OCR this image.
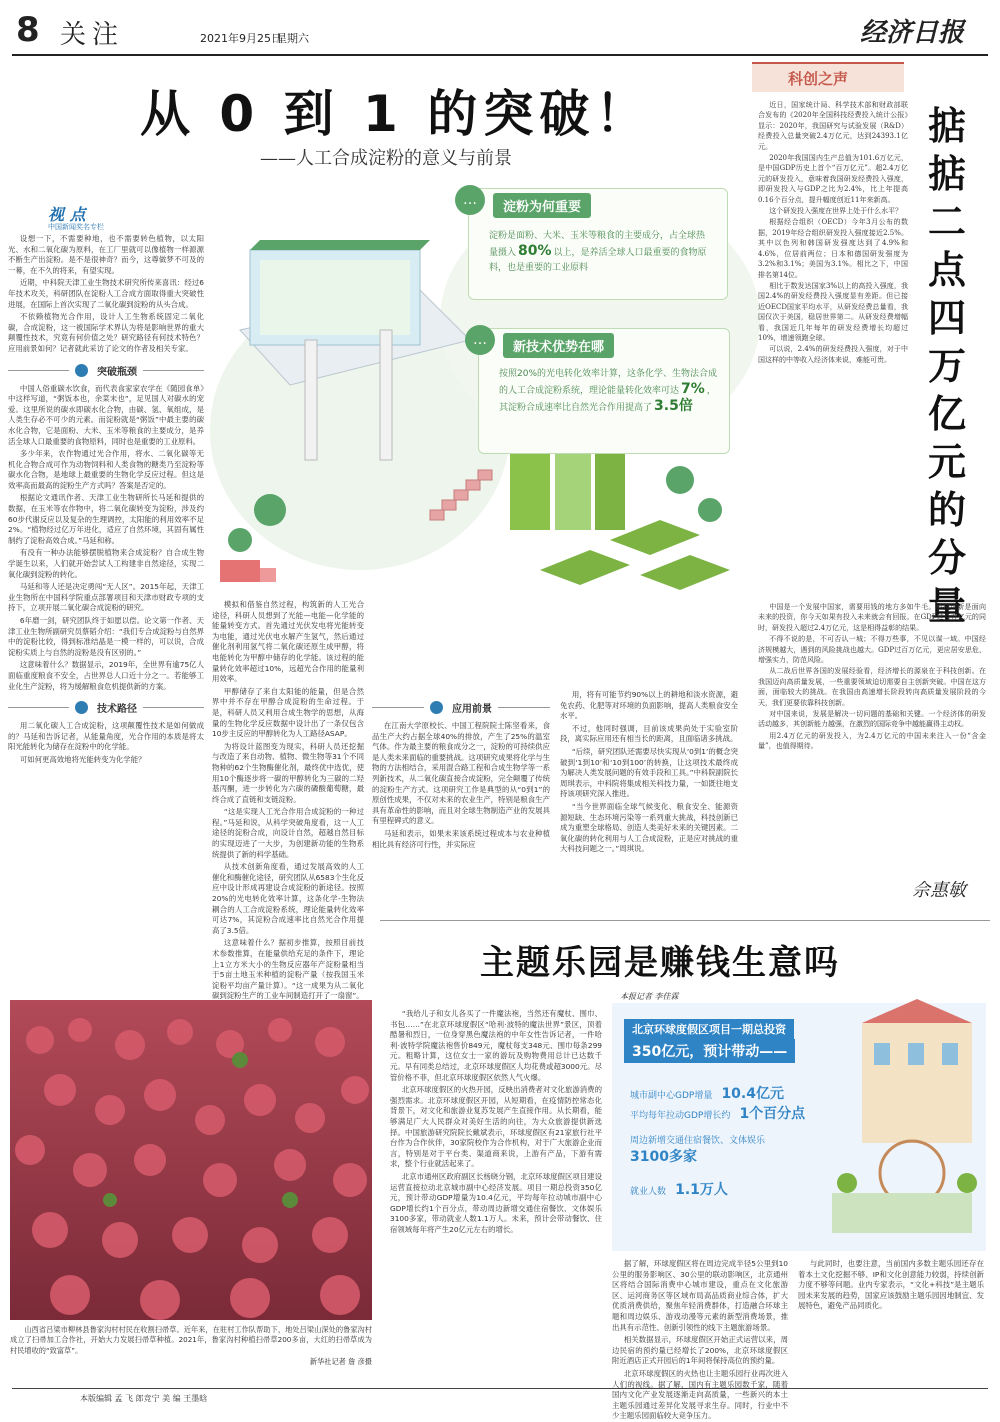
8 关注	2021年9月25日
星期六	经济日报
从 0 到 1 的突破！
——人工合成淀粉的意义与前景
…	淀粉为何重要
淀粉是面粉、大米、玉米等粮食的主要成分，占全球热量摄入 80% 以上，是养活全球人口最重要的食物原料，也是重要的工业原料
…	新技术优势在哪
按照20%的光电转化效率计算，这条化学、生物法合成的人工合成淀粉系统，理论能量转化效率可达 7% ，其淀粉合成速率比自然光合作用提高了 3.5倍
视 点
中国新闻奖名专栏

设想一下，不需要种地，也不需要转色植物，以太阳光、水和二氧化碳为原料，在工厂里就可以像植物一样源源不断生产出淀粉。是不是很神奇？而今，这尊做梦不可及的一幕，在不久的将来，有望实现。

近期，中科院天津工业生物技术研究所传来喜讯：经过6年技术攻关，科研团队在淀粉人工合成方面取得重大突破性进展，在国际上首次实现了二氧化碳到淀粉的从头合成。

不依赖植物光合作用，设计人工生物系统固定二氧化碳，合成淀粉，这一被国际学术界认为将是影响世界的重大颠覆性技术，究竟有何价值之处？研究路径有何技术特色？应用前景如何？记者就此采访了论文的作者及相关专家。

突破瓶颈

中国人俗重碳水饮食，而代表食家家农学在《随园食单》中这样写道，“粥饭本也，余菜末也”，足见国人对碳水的宠爱。这里所说的碳水即碳水化合物，由碳、氢、氧组成，是人类生存必不可少的元素。而淀粉就是“粥饭”中最主要的碳水化合物，它是面粉、大米、玉米等粮食的主要成分，是养活全球人口最重要的食物原料，同时也是重要的工业原料。

多少年来，农作物通过光合作用，将水、二氧化碳等无机化合物合成可作为动物饲料和人类食物的糖类乃至淀粉等碳水化合物，是地球上最重要的生物化学反应过程。但这是效率高而最高的淀粉生产方式吗？答案是否定的。

根据论文通讯作者、天津工业生物研所长马延和提供的数据，在玉米等农作物中，将二氧化碳转变为淀粉，涉及约60步代谢反应以及复杂的生理调控，太阳能的利用效率不足2%。“植物经过亿万年进化，适应了自然环境，其固有属性制约了淀粉高效合成。”马延和称。

有没有一种办法能够摆脱植物来合成淀粉？自合成生物学诞生以来，人们就开始尝试人工构建非自然途径，实现二氧化碳到淀粉的转化。

马延和等人还是决定勇闯“无人区”。2015年起，天津工业生物所在中国科学院重点部署项目和天津市财政专项的支持下，立项开展二氧化碳合成淀粉的研究。

6年磨一剑，研究团队终于如愿以偿。论文第一作者、天津工业生物所副研究员蔡韬介绍：“我们专合成淀粉与自然界中的淀粉比较，得到标准结晶是一模一样的，可以说，合成淀粉实质上与自然的淀粉是没有区别的。”

这意味着什么？数据显示，2019年，全世界有逾75亿人面临重度粮食不安全，占世界总人口近十分之一。若能够工业化生产淀粉，将为缓解粮食危机提供新的方案。

技术路径

用二氧化碳人工合成淀粉，这项颠覆性技术是如何做成的？马延和告诉记者，从能量角度，光合作用的本质是将太阳光能转化为储存在淀粉中的化学能。

可如何更高效地将光能转变为化学能？

模拟和借鉴自然过程，构筑新的人工光合途径，科研人员想到了光能—电能—化学能的能量转变方式。首先通过光伏发电将光能转变为电能，通过光伏电水解产生氢气，然后通过催化剂利用氢气将二氧化碳还原生成甲醇，将电能转化为甲醇中储存的化学能。该过程的能量转化效率超过10%，远超光合作用的能量利用效率。

甲醇储存了来自太阳能的能量，但是合然界中并不存在甲醇合成淀粉的生命过程。于是，科研人员又利用合成生物学的思想，从海量的生物化学反应数据中设计出了一条仅包含10步主反应的甲醇转化为人工路径ASAP。

为将设计蓝图变为现实，科研人员还挖掘与改造了来自动物、植物、微生物等31个不同物种的62个生物酶催化剂，最终优中选优，使用10个酶逐步将一碳的甲醇转化为三碳的二羟基丙酮，进一步转化为六碳的磷酸葡萄糖，最终合成了直链和支链淀粉。

“这是实现人工光合作用合成淀粉的一种过程。”马延和说，从科学突破角度看，这一人工途径的淀粉合成，向设计自然，超越自然目标的实现迈进了一大步，为创建新功能的生物系统提供了新的科学基础。

从技术创新角度看，通过发展高效的人工催化和酶催化途径，研究团队从6583个生化反应中设计形成再建设合成淀粉的新途径。按照20%的光电转化效率计算，这条化学-生物法耦合的人工合成淀粉系统，理论能量转化效率可达7%，其淀粉合成速率比自然光合作用提高了3.5倍。

这意味着什么？据初步推算，按照目前技术参数推算，在能量供给充足的条件下，理论上1立方米大小的生物反应器年产淀粉量相当于5亩土地玉米种植的淀粉产量（按我国玉米淀粉平均亩产量计算）。“这一成果为从二氧化碳到淀粉生产的工业车间制造打开了一扇窗”。

应用前景

在江南大学原校长、中国工程院院士陈坚看来，食品生产大约占据全球40%的排放，产生了25%的温室气体。作为最主要的粮食成分之一，淀粉的可持续供应是人类未来面临的重要挑战。这项研究成果将化学与生物的方法相结合，采用混合路工程和合成生物学等一系列新技术，从二氧化碳直接合成淀粉，完全颠覆了传统的淀粉生产方式。这项研究工作是典型的从“0到1”的原创性成果，不仅对未来的农业生产，特别是粮食生产具有革命性的影响，而且对全球生物制造产业的发展具有里程碑式的意义。

马延和表示，如果未来该系统过程成本与农业种植相比具有经济可行性，并实际应

用，将有可能节约90%以上的耕地和淡水资源，避免农药、化肥等对环境的负面影响，提高人类粮食安全水平。

不过，他同时强调，目前该成果尚处于实验室阶段，离实际应用还有相当长的距离，且面临诸多挑战。

“后续，研究团队还需要尽快实现从‘0到1’的概念突破到‘1到10’和‘10到100’的转换，让这项技术最终成为解决人类发展问题的有效手段和工具。”中科院副院长周琪表示，中科院将集成相关科技力量，一如既往地支持该项研究深入推进。

“当今世界面临全球气候变化、粮食安全、能源资源短缺、生态环境污染等一系列重大挑战，科技创新已成为重塑全球格局、创造人类美好未来的关键因素。二氧化碳的转化利用与人工合成淀粉，正是应对挑战的重大科技问题之一。”周琪说。

山西省吕梁市柳林县鲁家沟村村民在收割扫帚草。近年来，在驻村工作队帮助下，地处吕梁山深处的鲁家沟村成立了扫帚加工合作社，开始大力发展扫帚草种植。2021年，鲁家沟村种植扫帚草200多亩，大红的扫帚草成为村民增收的“致富草”。
新华社记者 詹 彦摄
本版编辑 孟 飞 郎竞宁 美 编 王墨晗
科创之声
掂掂二点四万亿元的分量

近日，国家统计局、科学技术部和财政部联合发布的《2020年全国科技经费投入统计公报》显示：2020年，我国研究与试验发展（R&D）经费投入总量突破2.4万亿元，达到24393.1亿元。

2020年我国国内生产总值为101.6万亿元，是中国GDP历史上首个“百万亿元”。超2.4万亿元的研发投入，意味着我国研发经费投入强度，即研发投入与GDP之比为2.4%，比上年提高0.16个百分点，提升幅度创近11年来新高。

这个研发投入强度在世界上处于什么水平？

根据经合组织（OECD）今年3月公布的数据，2019年经合组织研发投入强度接近2.5%。其中以色列和韩国研发强度达到了4.9%和4.6%，位居前两位；日本和德国研发强度为3.2%和3.1%；美国为3.1%。相比之下，中国排名第14位。

相比于数发达国家3%以上的高投入强度，我国2.4%的研发经费投入强度显有差距。但已接近OECD国家平均水平，从研发经费总量看，我国仅次于美国，稳居世界第二。从研发经费增幅看，我国近几年每年的研发经费增长均超过10%，增速领跑全球。

可以说，2.4%的研发经费投入强度，对于中国这样的中等收入经济体来说，难能可贵。

中国是一个发展中国家，需要用钱的地方多如牛毛。科技创新是面向未来的投资，你今天如果有投入未来就会有回报。在GDP过百万亿元的同时，研发投入超过2.4万亿元，这是相得益彰的结果。

不得不说的是，不可否认一城；不得万些事，不见以谋一域。中国经济规模越大，遇到的风险挑战也越大。GDP过百万亿元，更应居安思危，增强实力，防范风险。

从二战后世界各国的发展经验看，经济增长的源泉在于科技创新。在我国迈向高质量发展，一些重要领域迫切需要自主创新突破。中国在这方面，面临较大的挑战。在我国由高速增长阶段转向高质量发展阶段的今天，我们更要依靠科技创新。

对中国来说，发展是解决一切问题的基础和关键。一个经济体的研发活动越多，其创新能力越强，在激烈的国际竞争中越能赢得主动权。

用2.4万亿元的研发投入，为2.4万亿元的中国未来注入一份“含金量”，也值得期待。

佘惠敏
主题乐园是赚钱生意吗
本报记者 李佳霖
北京环球度假区项目一期总投资
350亿元，预计带动——
城市副中心GDP增量 10.4亿元
平均每年拉动GDP增长约 1个百分点
周边新增交通住宿餐饮、文体娱乐
3100多家
就业人数 1.1万人

“我给儿子和女儿各买了一件魔法袍，当然还有魔杖、围巾、书包……”在北京环球度假区“哈利·波特的魔法世界”景区，顶着酷暑和烈日，一位身穿黑色魔法袍的中年女性告诉记者，一件哈利·波特学院魔法袍售价849元，魔杖每支348元、围巾每条299元。粗略计算，这位女士一家的游玩及购物费用总计已达数千元。早有同类总结过，北京环球度假区人均花费或超3000元。尽管价格不菲，但北京环球度假区依然人气火爆。

北京环球度假区的火热开园，反映出消费者对文化旅游消费的强烈需求。北京环球度假区开园，从短期看，在疫情防控常态化背景下，对文化和旅游业复苏发展产生直接作用。从长期看，能够满足广大人民群众对美好生活的向往，为大众旅游提供新选择。中国旅游研究院院长戴斌表示，环球度假区有21家旅行社平台作为合作伙伴，30家院校作为合作机构，对于广大旅游企业而言，特别是对于平台类、渠道商来说，上游有产品，下游有需求，整个行业就活起来了。

北京市通州区政府副区长杨晓分钢，北京环球度假区项目建设运营直接拉动北京城市副中心经济发展。项目一期总投资350亿元，预计带动GDP增量为10.4亿元，平均每年拉动城市副中心GDP增长约1个百分点，带动周边新增交通住宿餐饮、文体娱乐3100多家，带动就业人数1.1万人。未来，预计会带动餐饮、住宿领域每年将产生20亿元左右的增长。

据了解，环球度假区将在周边完成半径5公里到10公里的服务影响区、30公里的联动影响区，北京通州区将结合国际消费中心城市建设，重点在文化旅游区、运河商务区等区域布局高品质商业综合体，扩大优质消费供给，聚焦年轻消费群体，打造融合环球主题和周边娱乐、游戏动漫等元素的新型消费场景，推出具有示范性、创新引领性的线下主题旅游场景。

相关数据显示，环球度假区开始正式运营以来，周边民宿的预约量已经增长了200%，北京环球度假区附近酒店正式开园后的1年间将保持高位的预约量。

北京环球度假区的火热也让主题乐园行业再次进入人们的视线。据了解，国内有主题乐园数千家，随着国内文化产业发展逐渐走向高质量，一些新兴的本土主题乐园通过差异化发展寻求生存。同时，行业中不少主题乐园面临较大竞争压力。

与此同时，也要注意，当前国内多数主题乐园还存在着本土文化挖掘不够、IP和文化创意能力较弱，持续创新力度不够等问题。业内专家表示，“文化+科技”是主题乐园未来发展的趋势，国家应该鼓励主题乐园因地制宜、发展特色，避免产品同质化。
